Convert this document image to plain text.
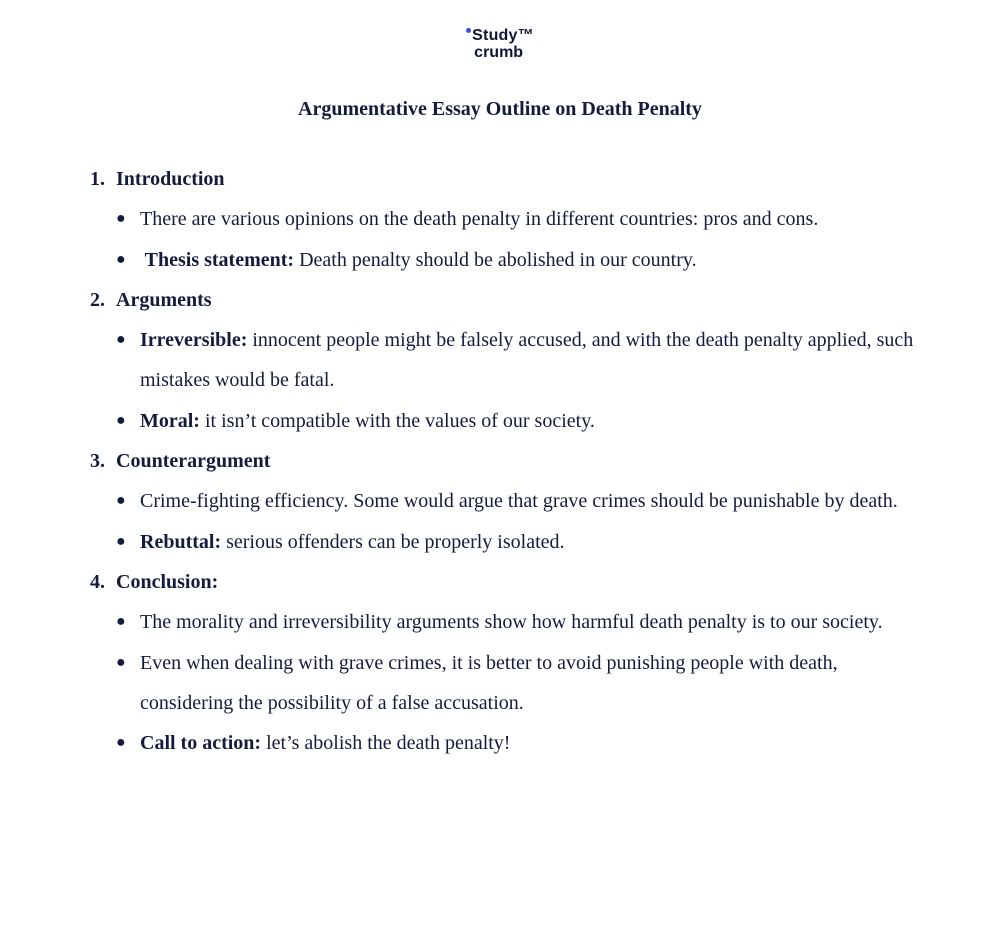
Study™
crumb
Argumentative Essay Outline on Death Penalty
1. Introduction
● There are various opinions on the death penalty in different countries: pros and cons.
● Thesis statement: Death penalty should be abolished in our country.
2. Arguments
● Irreversible: innocent people might be falsely accused, and with the death penalty applied, such mistakes would be fatal.
● Moral: it isn’t compatible with the values of our society.
3. Counterargument
● Crime-fighting efficiency. Some would argue that grave crimes should be punishable by death.
● Rebuttal: serious offenders can be properly isolated.
4. Conclusion:
● The morality and irreversibility arguments show how harmful death penalty is to our society.
● Even when dealing with grave crimes, it is better to avoid punishing people with death, considering the possibility of a false accusation.
● Call to action: let’s abolish the death penalty!
